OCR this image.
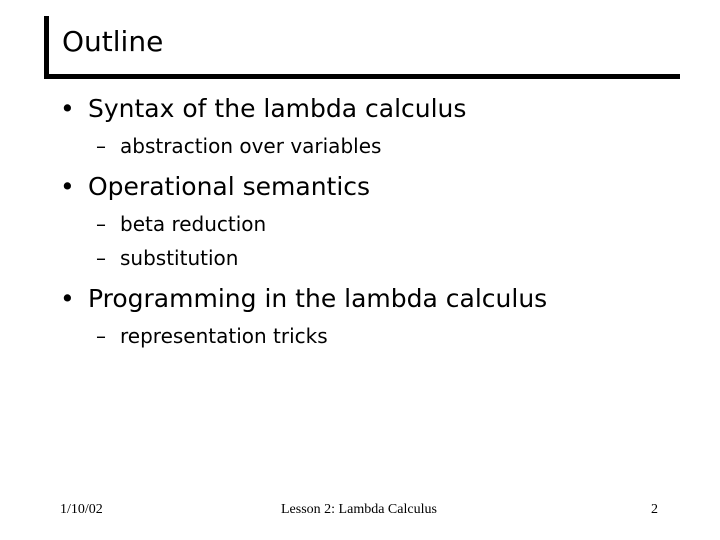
Outline
• Syntax of the lambda calculus
– abstraction over variables
• Operational semantics
– beta reduction
– substitution
• Programming in the lambda calculus
– representation tricks
1/10/02	Lesson 2: Lambda Calculus	2
